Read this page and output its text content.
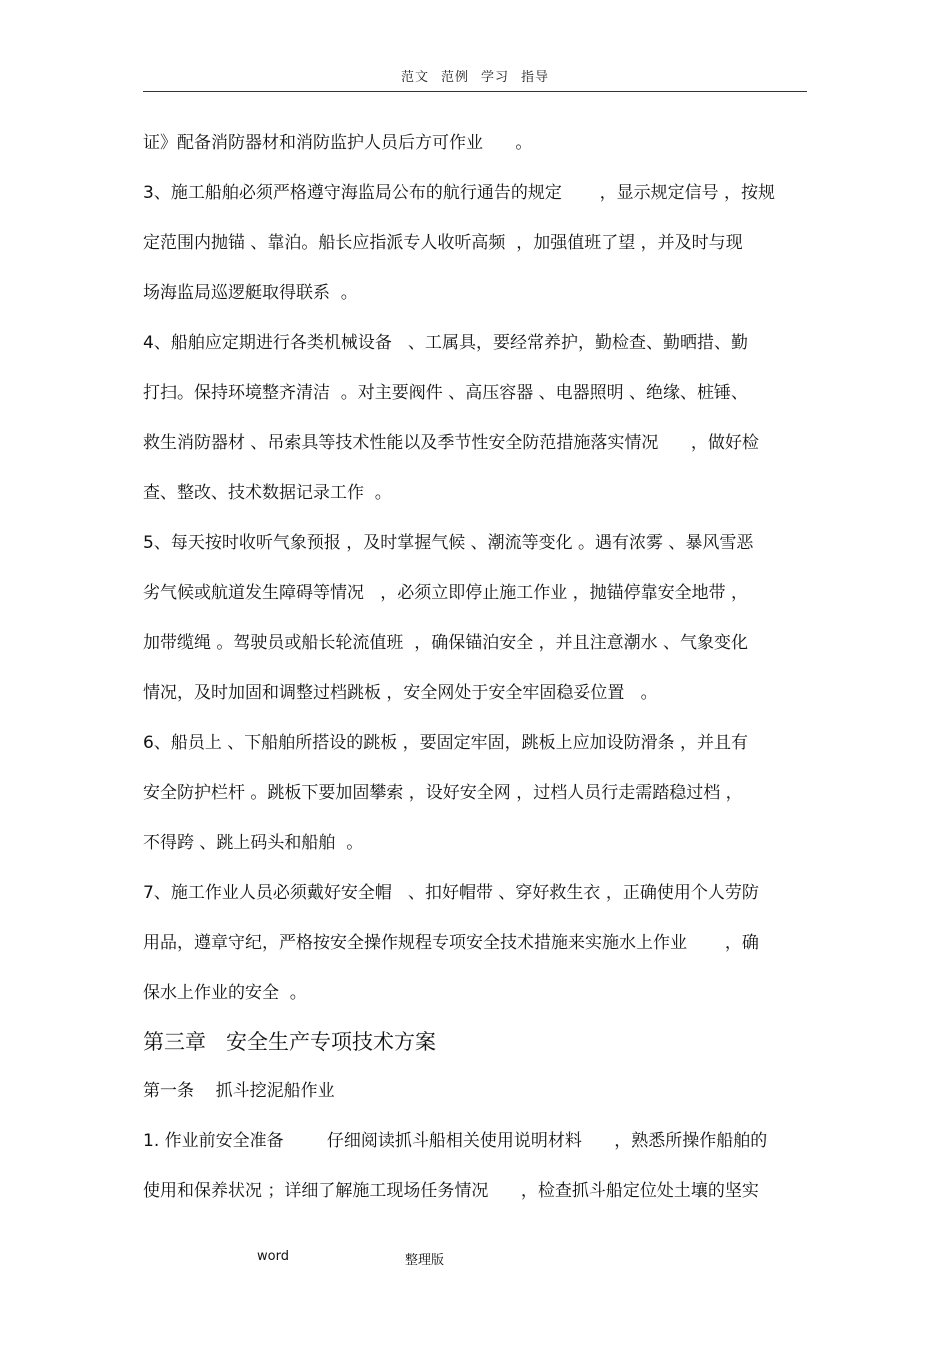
范文 范例 学习 指导
证》配备消防器材和消防监护人员后方可作业      。
3、施工船舶必须严格遵守海监局公布的航行通告的规定       ，显示规定信号 ，按规
定范围内抛锚 、靠泊。船长应指派专人收听高频  ，加强值班了望 ，并及时与现
场海监局巡逻艇取得联系  。
4、船舶应定期进行各类机械设备   、工属具，要经常养护，勤检查、勤晒措、勤
打扫。保持环境整齐清洁  。对主要阀件 、高压容器 、电器照明 、绝缘、桩锤、
救生消防器材 、吊索具等技术性能以及季节性安全防范措施落实情况      ，做好检
查、整改、技术数据记录工作  。
5、每天按时收听气象预报 ，及时掌握气候 、潮流等变化 。遇有浓雾 、暴风雪恶
劣气候或航道发生障碍等情况   ，必须立即停止施工作业 ，抛锚停靠安全地带 ，
加带缆绳 。驾驶员或船长轮流值班  ，确保锚泊安全 ，并且注意潮水 、气象变化
情况，及时加固和调整过档跳板 ，安全网处于安全牢固稳妥位置   。
6、船员上 、下船舶所搭设的跳板 ，要固定牢固，跳板上应加设防滑条 ，并且有
安全防护栏杆 。跳板下要加固攀索 ，设好安全网 ，过档人员行走需踏稳过档 ，
不得跨 、跳上码头和船舶  。
7、施工作业人员必须戴好安全帽   、扣好帽带 、穿好救生衣 ，正确使用个人劳防
用品，遵章守纪，严格按安全操作规程专项安全技术措施来实施水上作业       ，确
保水上作业的安全  。
第三章   安全生产专项技术方案
第一条    抓斗挖泥船作业
1. 作业前安全准备        仔细阅读抓斗船相关使用说明材料      ，熟悉所操作船舶的
使用和保养状况 ；详细了解施工现场任务情况      ，检查抓斗船定位处土壤的坚实
word	整理版
